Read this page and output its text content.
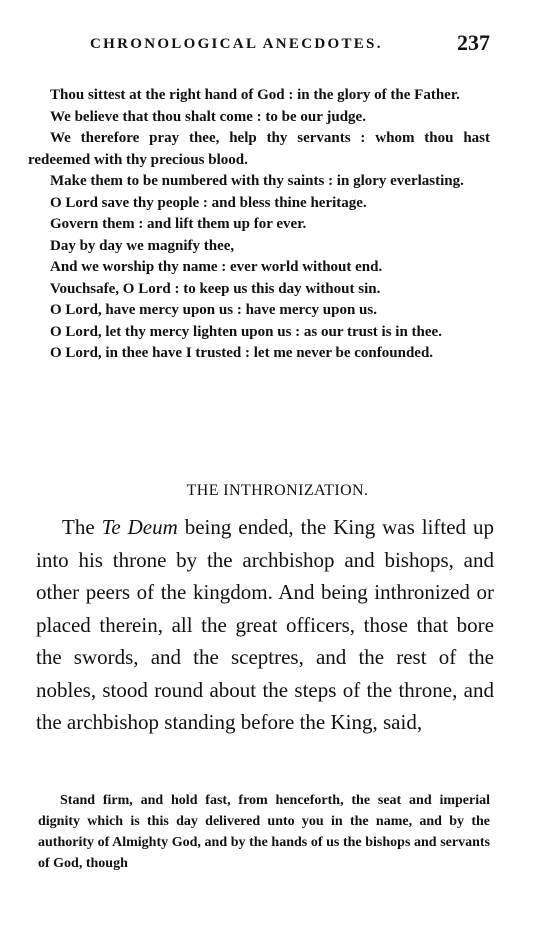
CHRONOLOGICAL ANECDOTES.	237

Thou sittest at the right hand of God : in the glory of the Father.

We believe that thou shalt come : to be our judge.

We therefore pray thee, help thy servants : whom thou hast redeemed with thy precious blood.

Make them to be numbered with thy saints : in glory everlasting.

O Lord save thy people : and bless thine heritage.

Govern them : and lift them up for ever.

Day by day we magnify thee,

And we worship thy name : ever world without end.

Vouchsafe, O Lord : to keep us this day without sin.

O Lord, have mercy upon us : have mercy upon us.

O Lord, let thy mercy lighten upon us : as our trust is in thee.

O Lord, in thee have I trusted : let me never be confounded.

THE INTHRONIZATION.

The Te Deum being ended, the King was lifted up into his throne by the archbishop and bishops, and other peers of the kingdom. And being inthronized or placed therein, all the great officers, those that bore the swords, and the sceptres, and the rest of the nobles, stood round about the steps of the throne, and the archbishop standing before the King, said,

Stand firm, and hold fast, from henceforth, the seat and imperial dignity which is this day delivered unto you in the name, and by the authority of Almighty God, and by the hands of us the bishops and servants of God, though
